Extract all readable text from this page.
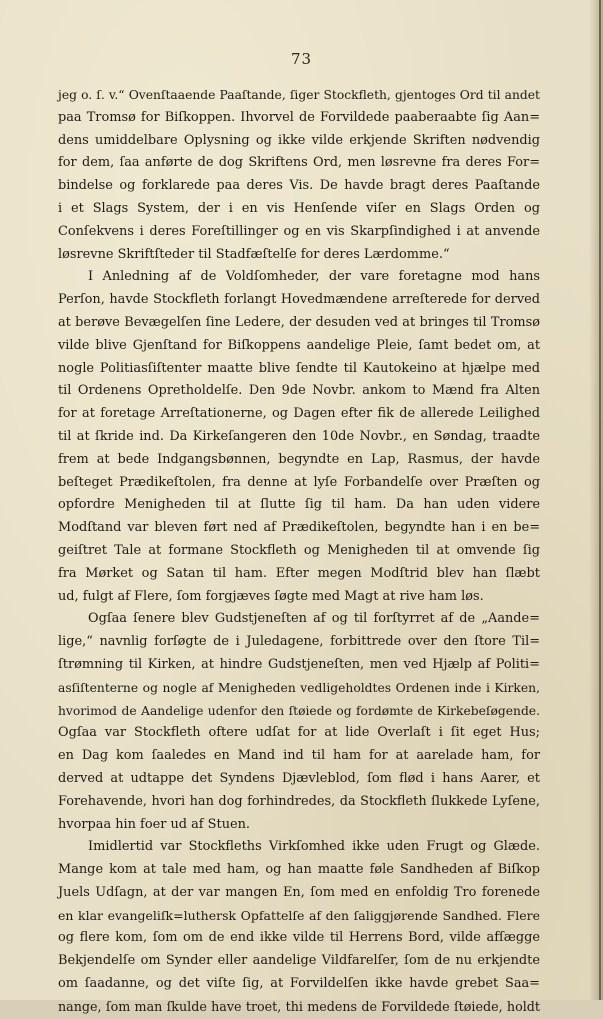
73
jeg o. ſ. v.“ Ovenſtaaende Paaſtande, ſiger Stockfleth, gjentoges Ord til andet
paa Tromsø for Biſkoppen. Ihvorvel de Forvildede paaberaabte ſig Aan=
dens umiddelbare Oplysning og ikke vilde erkjende Skriften nødvendig
for dem, ſaa anførte de dog Skriftens Ord, men løsrevne fra deres For=
bindelse og forklarede paa deres Vis. De havde bragt deres Paaſtande
i et Slags System, der i en vis Henſende viſer en Slags Orden og
Conſekvens i deres Foreſtillinger og en vis Skarpſindighed i at anvende
løsrevne Skriftſteder til Stadfæſtelſe for deres Lærdomme.“
I Anledning af de Voldſomheder, der vare foretagne mod hans
Perſon, havde Stockfleth forlangt Hovedmændene arreſterede for derved
at berøve Bevægelſen ſine Ledere, der desuden ved at bringes til Tromsø
vilde blive Gjenſtand for Biſkoppens aandelige Pleie, ſamt bedet om, at
nogle Politiasſiſtenter maatte blive ſendte til Kautokeino at hjælpe med
til Ordenens Opretholdelſe. Den 9de Novbr. ankom to Mænd fra Alten
for at foretage Arreſtationerne, og Dagen efter fik de allerede Leilighed
til at ſkride ind. Da Kirkeſangeren den 10de Novbr., en Søndag, traadte
frem at bede Indgangsbønnen, begyndte en Lap, Rasmus, der havde
beſteget Prædikeſtolen, fra denne at lyſe Forbandelſe over Præſten og
opfordre Menigheden til at ſlutte ſig til ham. Da han uden videre
Modſtand var bleven ført ned af Prædikeſtolen, begyndte han i en be=
geiſtret Tale at formane Stockfleth og Menigheden til at omvende ſig
fra Mørket og Satan til ham. Efter megen Modſtrid blev han ſlæbt
ud, fulgt af Flere, ſom forgjæves ſøgte med Magt at rive ham løs.
Ogſaa ſenere blev Gudstjeneſten af og til forſtyrret af de „Aande=
lige,“ navnlig forſøgte de i Juledagene, forbittrede over den ſtore Til=
ſtrømning til Kirken, at hindre Gudstjeneſten, men ved Hjælp af Politi=
asſiſtenterne og nogle af Menigheden vedligeholdtes Ordenen inde i Kirken,
hvorimod de Aandelige udenfor den ſtøiede og fordømte de Kirkebeſøgende.
Ogſaa var Stockfleth oftere udſat for at lide Overlaſt i ſit eget Hus;
en Dag kom ſaaledes en Mand ind til ham for at aarelade ham, for
derved at udtappe det Syndens Djævleblod, ſom flød i hans Aarer, et
Forehavende, hvori han dog forhindredes, da Stockfleth ſlukkede Lyſene,
hvorpaa hin foer ud af Stuen.
Imidlertid var Stockfleths Virkſomhed ikke uden Frugt og Glæde.
Mange kom at tale med ham, og han maatte føle Sandheden af Biſkop
Juels Udſagn, at der var mangen En, ſom med en enfoldig Tro forenede
en klar evangeliſk=luthersk Opfattelſe af den ſaliggjørende Sandhed. Flere
og flere kom, ſom om de end ikke vilde til Herrens Bord, vilde afſægge
Bekjendelſe om Synder eller aandelige Vildfarelſer, ſom de nu erkjendte
om ſaadanne, og det viſte ſig, at Forvildelſen ikke havde grebet Saa=
nange, ſom man ſkulde have troet, thi medens de Forvildede ſtøiede, holdt
